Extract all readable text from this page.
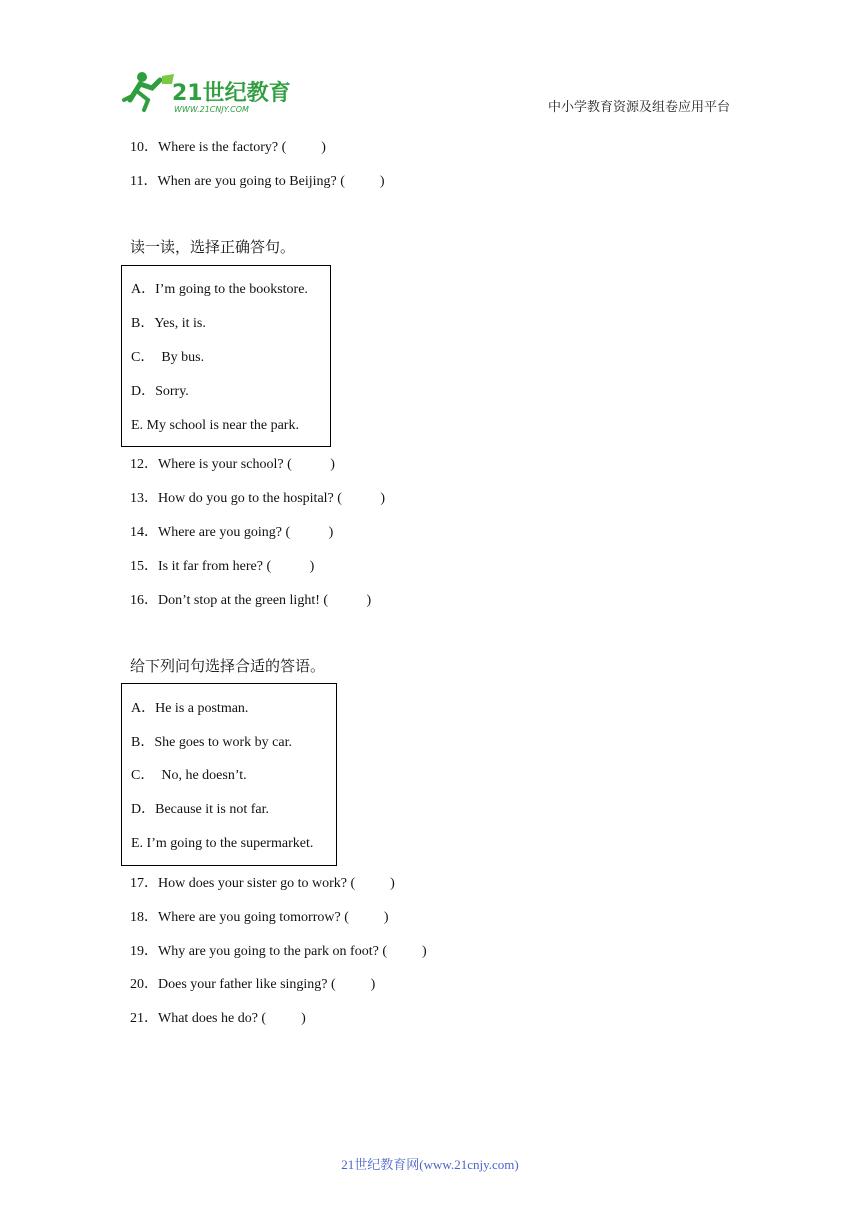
21世纪教育
WWW.21CNJY.COM	中小学教育资源及组卷应用平台
10．Where is the factory? (          )
11．When are you going to Beijing? (          )
读一读，选择正确答句。
A．I’m going to the bookstore.
B．Yes, it is.
C．  By bus.
D．Sorry.
E. My school is near the park.
12．Where is your school? (           )
13．How do you go to the hospital? (           )
14．Where are you going? (           )
15．Is it far from here? (           )
16．Don’t stop at the green light! (           )
给下列问句选择合适的答语。
A．He is a postman.
B．She goes to work by car.
C．  No, he doesn’t.
D．Because it is not far.
E. I’m going to the supermarket.
17．How does your sister go to work? (          )
18．Where are you going tomorrow? (          )
19．Why are you going to the park on foot? (          )
20．Does your father like singing? (          )
21．What does he do? (          )
21世纪教育网(www.21cnjy.com)
